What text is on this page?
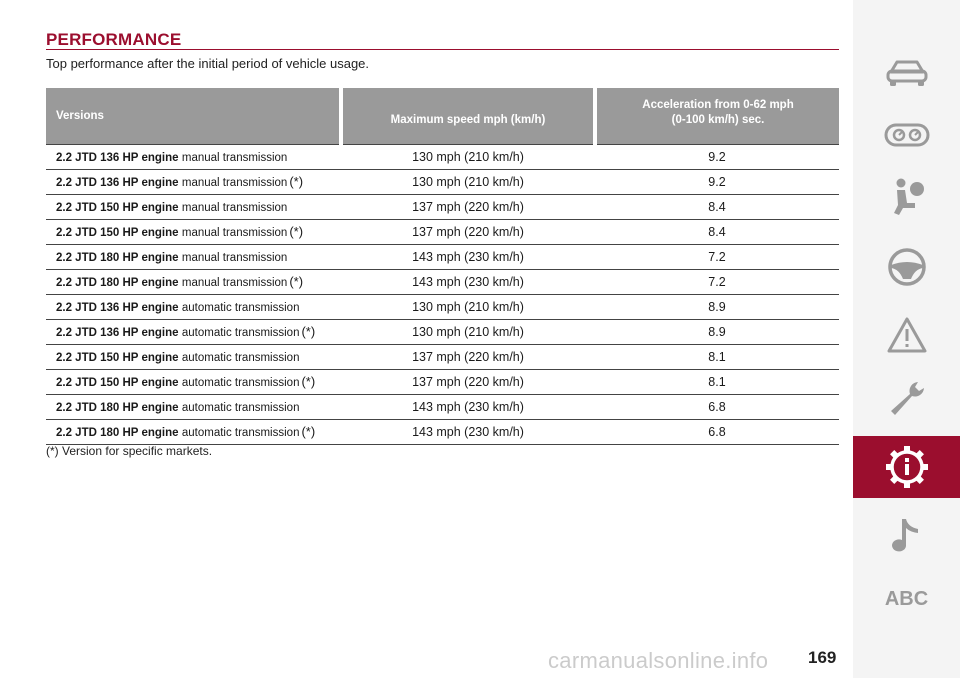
PERFORMANCE
Top performance after the initial period of vehicle usage.
Versions	Maximum speed mph (km/h)	Acceleration from 0-62 mph
(0-100 km/h) sec.
2.2 JTD 136 HP engine manual transmission	130 mph (210 km/h)	9.2
2.2 JTD 136 HP engine manual transmission (*)	130 mph (210 km/h)	9.2
2.2 JTD 150 HP engine manual transmission	137 mph (220 km/h)	8.4
2.2 JTD 150 HP engine manual transmission (*)	137 mph (220 km/h)	8.4
2.2 JTD 180 HP engine manual transmission	143 mph (230 km/h)	7.2
2.2 JTD 180 HP engine manual transmission (*)	143 mph (230 km/h)	7.2
2.2 JTD 136 HP engine automatic transmission	130 mph (210 km/h)	8.9
2.2 JTD 136 HP engine automatic transmission (*)	130 mph (210 km/h)	8.9
2.2 JTD 150 HP engine automatic transmission	137 mph (220 km/h)	8.1
2.2 JTD 150 HP engine automatic transmission (*)	137 mph (220 km/h)	8.1
2.2 JTD 180 HP engine automatic transmission	143 mph (230 km/h)	6.8
2.2 JTD 180 HP engine automatic transmission (*)	143 mph (230 km/h)	6.8
(*) Version for specific markets.
carmanualsonline.info 169
ABC
